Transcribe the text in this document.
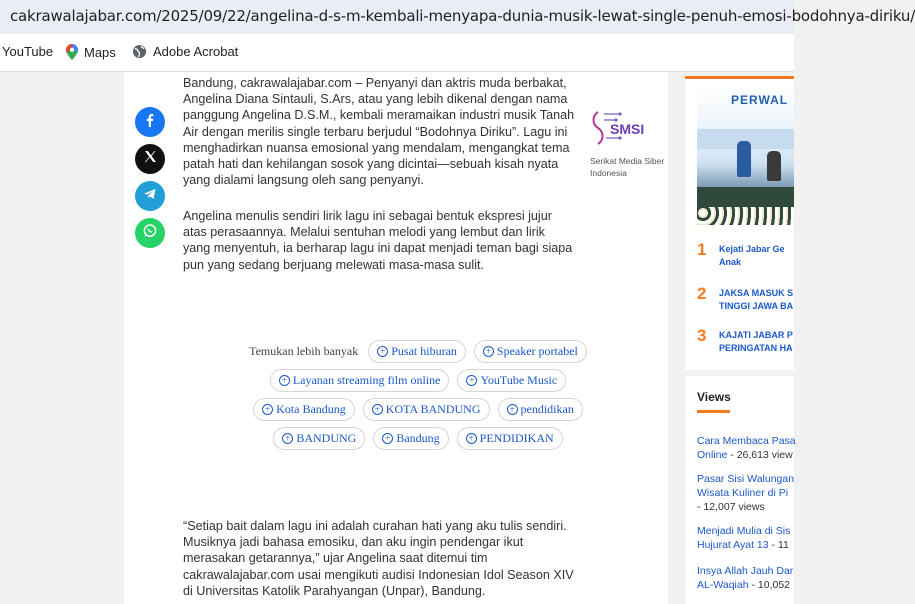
cakrawalajabar.com/2025/09/22/angelina-d-s-m-kembali-menyapa-dunia-musik-lewat-single-penuh-emosi-bodohnya-diriku/
YouTube Maps	Adobe Acrobat
Bandung, cakrawalajabar.com – Penyanyi dan aktris muda berbakat, Angelina Diana Sintauli, S.Ars, atau yang lebih dikenal dengan nama panggung Angelina D.S.M., kembali meramaikan industri musik Tanah Air dengan merilis single terbaru berjudul “Bodohnya Diriku”. Lagu ini menghadirkan nuansa emosional yang mendalam, mengangkat tema patah hati dan kehilangan sosok yang dicintai—sebuah kisah nyata yang dialami langsung oleh sang penyanyi.
Angelina menulis sendiri lirik lagu ini sebagai bentuk ekspresi jujur atas perasaannya. Melalui sentuhan melodi yang lembut dan lirik yang menyentuh, ia berharap lagu ini dapat menjadi teman bagi siapa pun yang sedang berjuang melewati masa-masa sulit.
“Setiap bait dalam lagu ini adalah curahan hati yang aku tulis sendiri. Musiknya jadi bahasa emosiku, dan aku ingin pendengar ikut merasakan getarannya,” ujar Angelina saat ditemui tim cakrawalajabar.com usai mengikuti audisi Indonesian Idol Season XIV di Universitas Katolik Parahyangan (Unpar), Bandung.
SMSI
Serikat Media Siber Indonesia
Temukan lebih banyak	+ Pusat hiburan	+ Speaker portabel
+ Layanan streaming film online	+ YouTube Music
+ Kota Bandung	+ KOTA BANDUNG	+ pendidikan
+ BANDUNG	+ Bandung	+ PENDIDIKAN
PERWAL
1 Kejati Jabar Ge
Anak
2 JAKSA MASUK S
TINGGI JAWA BA
3 KAJATI JABAR P
PERINGATAN HA
Views
Cara Membaca Pasa
Online - 26,613 view
Pasar Sisi Walungan
Wisata Kuliner di Pi
- 12,007 views
Menjadi Mulia di Sis
Hujurat Ayat 13 - 11
Insya Allah Jauh Dar
AL-Waqiah - 10,052
